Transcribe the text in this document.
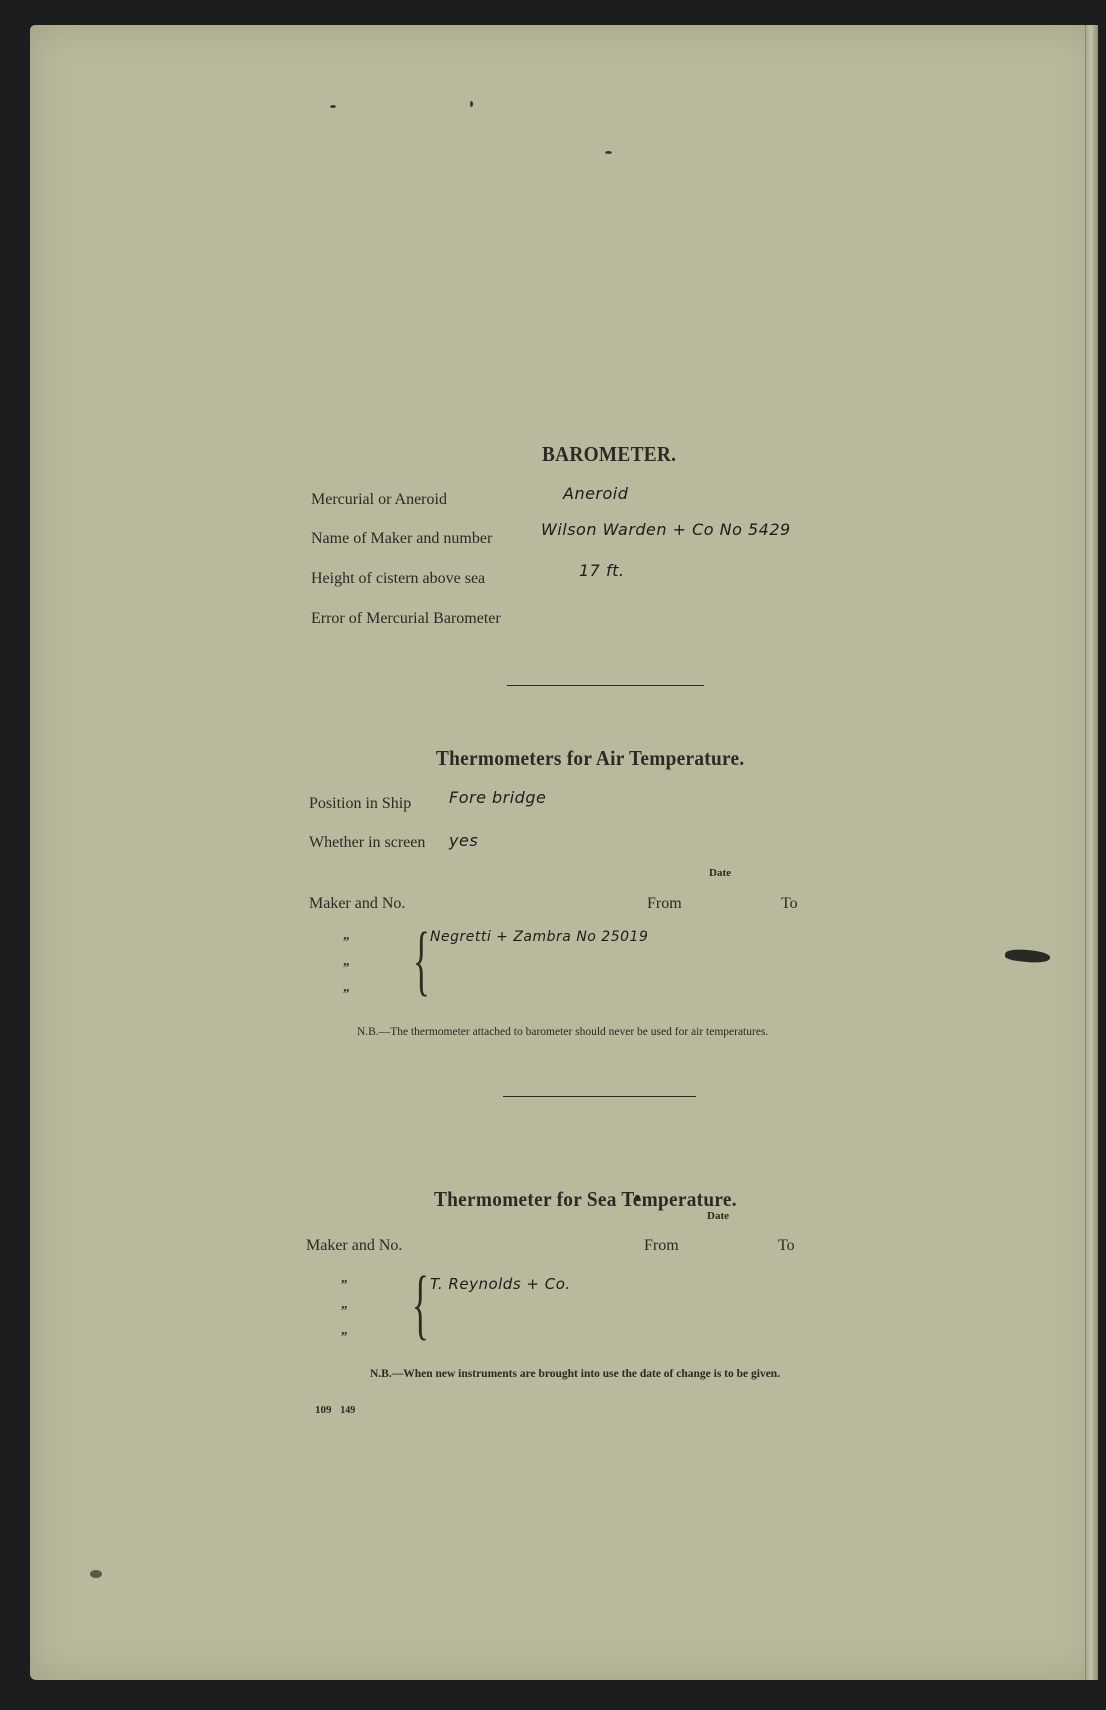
BAROMETER.
Mercurial or Aneroid	Aneroid
Name of Maker and number	Wilson Warden + Co No 5429
Height of cistern above sea	17 ft.
Error of Mercurial Barometer
Thermometers for Air Temperature.
Position in Ship Fore bridge
Whether in screen yes
Date
Maker and No.	From	To
„
„
„ { Negretti + Zambra No 25019
N.B.—The thermometer attached to barometer should never be used for air temperatures.
Thermometer for Sea Temperature.
Date
Maker and No.	From	To
„
„
„ { T. Reynolds + Co.
N.B.—When new instruments are brought into use the date of change is to be given.
109 149
